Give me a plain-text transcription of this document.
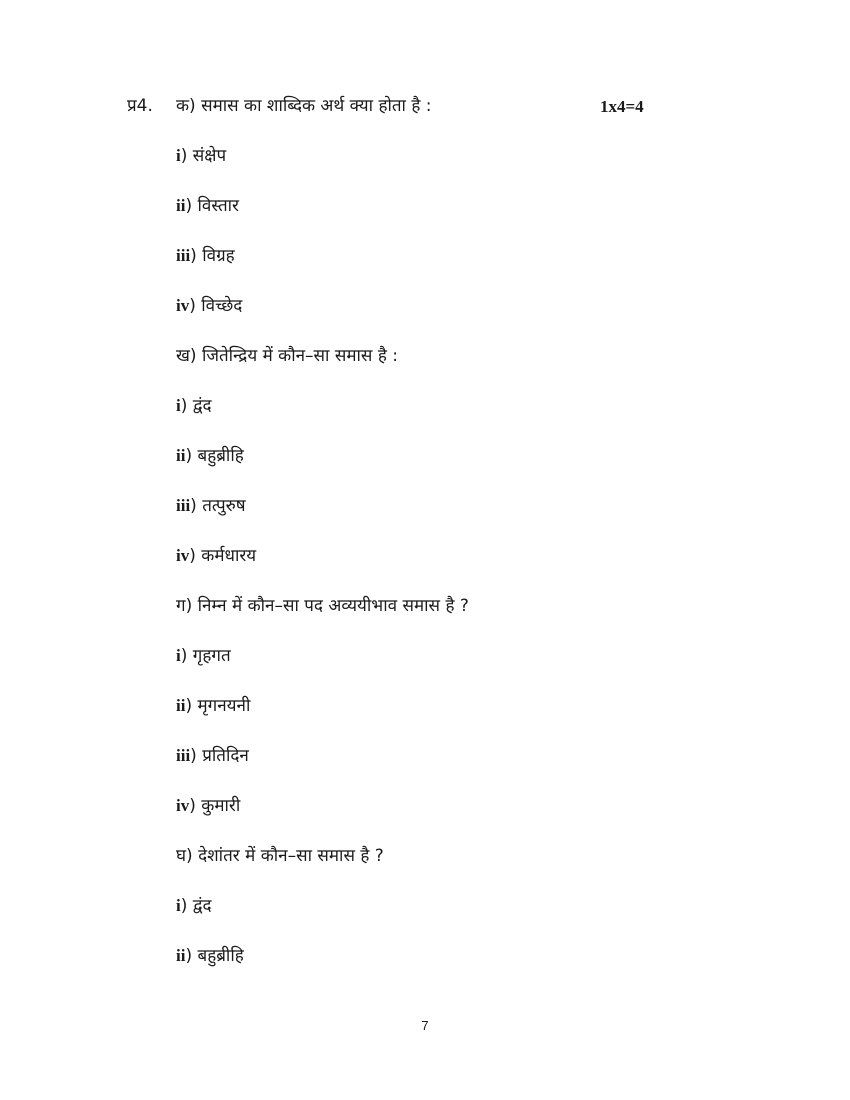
प्र4.	1x4=4
क) समास का शाब्दिक अर्थ क्या होता है :
i) संक्षेप
ii) विस्तार
iii) विग्रह
iv) विच्छेद
ख) जितेन्द्रिय में कौन–सा समास है :
i) द्वंद
ii) बहुब्रीहि
iii) तत्पुरुष
iv) कर्मधारय
ग) निम्न में कौन–सा पद अव्ययीभाव समास है ?
i) गृहगत
ii) मृगनयनी
iii) प्रतिदिन
iv) कुमारी
घ) देशांतर में कौन–सा समास है ?
i) द्वंद
ii) बहुब्रीहि
7
